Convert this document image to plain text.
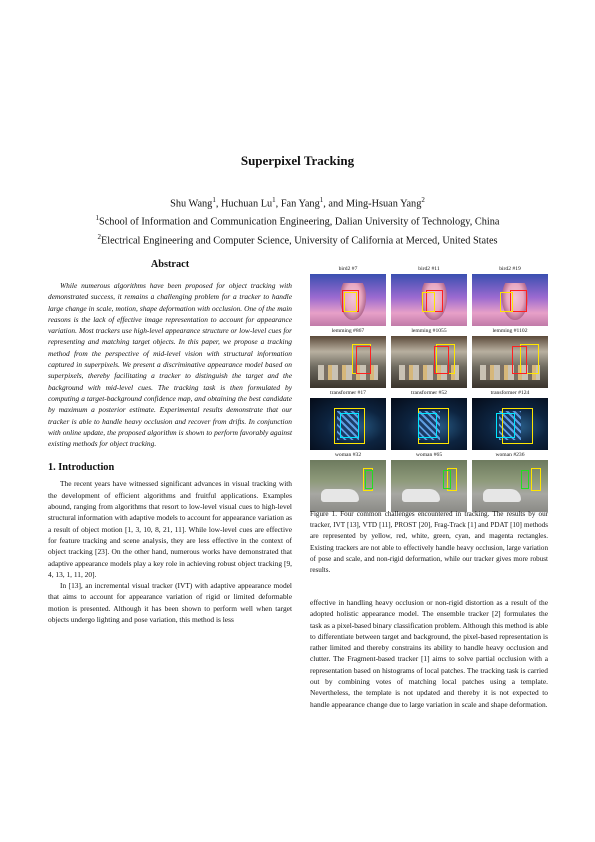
Superpixel Tracking
Shu Wang$^1$, Huchuan Lu$^1$, Fan Yang$^1$, and Ming-Hsuan Yang$^2$
$^1$School of Information and Communication Engineering, Dalian University of Technology, China
$^2$Electrical Engineering and Computer Science, University of California at Merced, United States
Abstract

While numerous algorithms have been proposed for object tracking with demonstrated success, it remains a challenging problem for a tracker to handle large change in scale, motion, shape deformation with occlusion. One of the main reasons is the lack of effective image representation to account for appearance variation. Most trackers use high-level appearance structure or low-level cues for representing and matching target objects. In this paper, we propose a tracking method from the perspective of mid-level vision with structural information captured in superpixels. We present a discriminative appearance model based on superpixels, thereby facilitating a tracker to distinguish the target and the background with mid-level cues. The tracking task is then formulated by computing a target-background confidence map, and obtaining the best candidate by maximum a posterior estimate. Experimental results demonstrate that our tracker is able to handle heavy occlusion and recover from drifts. In conjunction with online update, the proposed algorithm is shown to perform favorably against existing methods for object tracking.

1. Introduction

The recent years have witnessed significant advances in visual tracking with the development of efficient algorithms and fruitful applications. Examples abound, ranging from algorithms that resort to low-level visual cues to high-level structural information with adaptive models to account for appearance variation as a result of object motion [1, 3, 10, 8, 21, 11]. While low-level cues are effective for feature tracking and scene analysis, they are less effective in the context of object tracking [23]. On the other hand, numerous works have demonstrated that adaptive appearance models play a key role in achieving robust object tracking [9, 4, 13, 1, 11, 20].

In [13], an incremental visual tracker (IVT) with adaptive appearance model that aims to account for appearance variation of rigid or limited deformable motion is presented. Although it has been shown to perform well when target objects undergo lighting and pose variation, this method is less

bird2 #7	bird2 #11	bird2 #19
lemming #867	lemming #1055	lemming #1102
transformer #17	transformer #52	transformer #124
woman #32	woman #65	woman #236
Figure 1. Four common challenges encountered in tracking. The results by our tracker, IVT [13], VTD [11], PROST [20], Frag-Track [1] and PDAT [10] methods are represented by yellow, red, white, green, cyan, and magenta rectangles. Existing trackers are not able to effectively handle heavy occlusion, large variation of pose and scale, and non-rigid deformation, while our tracker gives more robust results.

effective in handling heavy occlusion or non-rigid distortion as a result of the adopted holistic appearance model. The ensemble tracker [2] formulates the task as a pixel-based binary classification problem. Although this method is able to differentiate between target and background, the pixel-based representation is rather limited and thereby constrains its ability to handle heavy occlusion and clutter. The Fragment-based tracker [1] aims to solve partial occlusion with a representation based on histograms of local patches. The tracking task is carried out by combining votes of matching local patches using a template. Nevertheless, the template is not updated and thereby it is not expected to handle appearance change due to large variation in scale and shape deformation.
